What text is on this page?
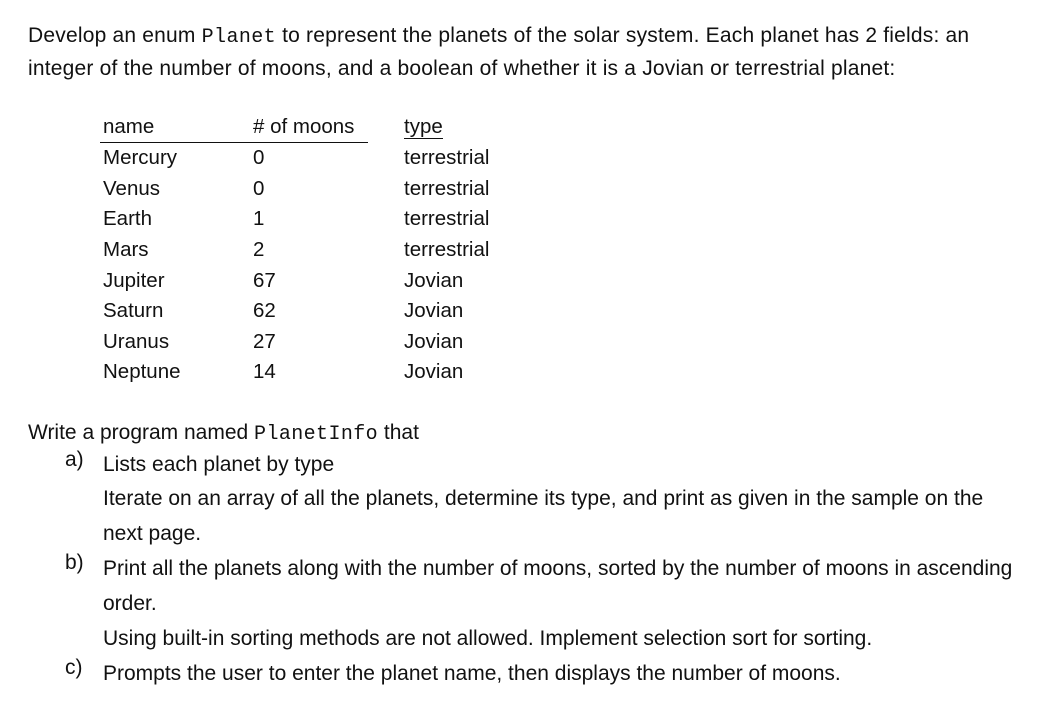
Develop an enum Planet to represent the planets of the solar system. Each planet has 2 fields: an integer of the number of moons, and a boolean of whether it is a Jovian or terrestrial planet:
name	# of moons	type
Mercury	0	terrestrial
Venus	0	terrestrial
Earth	1	terrestrial
Mars	2	terrestrial
Jupiter	67	Jovian
Saturn	62	Jovian
Uranus	27	Jovian
Neptune	14	Jovian
Write a program named PlanetInfo that
a) Lists each planet by type

Iterate on an array of all the planets, determine its type, and print as given in the sample on the next page.

b) Print all the planets along with the number of moons, sorted by the number of moons in ascending order.

Using built-in sorting methods are not allowed. Implement selection sort for sorting.

c) Prompts the user to enter the planet name, then displays the number of moons.
